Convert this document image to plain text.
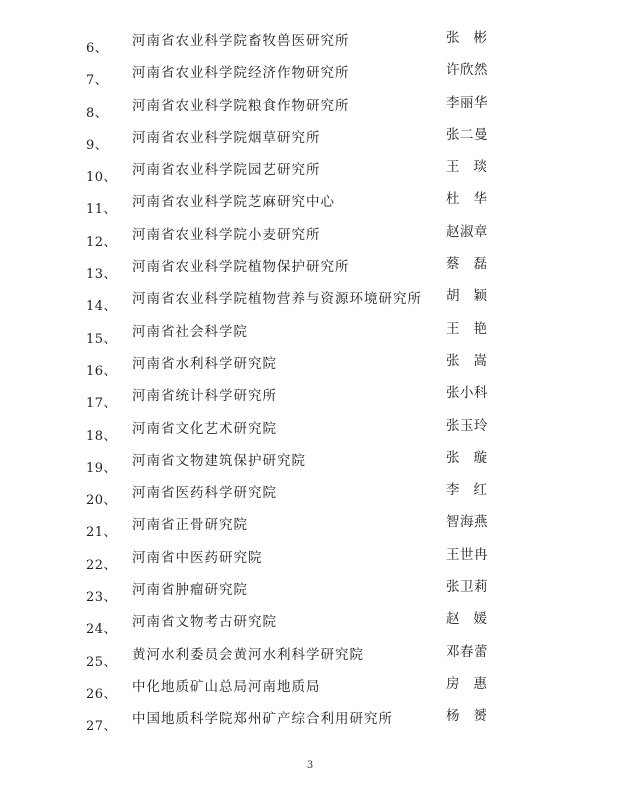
6、 河南省农业科学院畜牧兽医研究所	张彬
7、 河南省农业科学院经济作物研究所	许欣然
8、 河南省农业科学院粮食作物研究所	李丽华
9、 河南省农业科学院烟草研究所	张二曼
10、 河南省农业科学院园艺研究所	王琰
11、 河南省农业科学院芝麻研究中心	杜华
12、 河南省农业科学院小麦研究所	赵淑章
13、 河南省农业科学院植物保护研究所	蔡磊
14、 河南省农业科学院植物营养与资源环境研究所 胡颖
15、 河南省社会科学院	王艳
16、 河南省水利科学研究院	张嵩
17、 河南省统计科学研究所	张小科
18、 河南省文化艺术研究院	张玉玲
19、 河南省文物建筑保护研究院	张璇
20、 河南省医药科学研究院	李红
21、 河南省正骨研究院	智海燕
22、 河南省中医药研究院	王世冉
23、 河南省肿瘤研究院	张卫莉
24、 河南省文物考古研究院	赵媛
25、 黄河水利委员会黄河水利科学研究院	邓春蕾
26、 中化地质矿山总局河南地质局	房惠
27、 中国地质科学院郑州矿产综合利用研究所	杨赟
3
